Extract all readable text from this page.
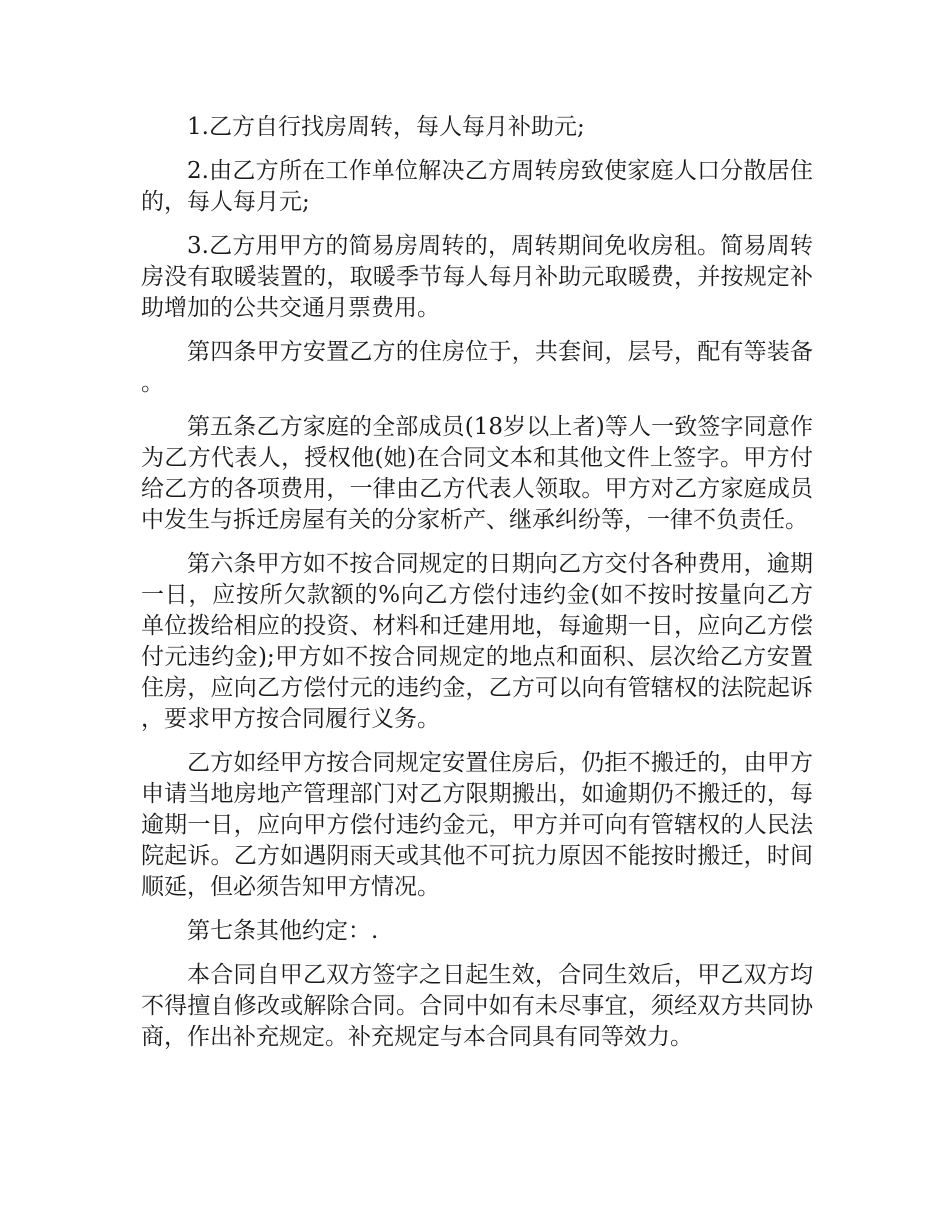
1.乙方自行找房周转，每人每月补助元;

2.由乙方所在工作单位解决乙方周转房致使家庭人口分散居住的，每人每月元;

3.乙方用甲方的简易房周转的，周转期间免收房租。简易周转房没有取暖装置的，取暖季节每人每月补助元取暖费，并按规定补助增加的公共交通月票费用。

第四条甲方安置乙方的住房位于，共套间，层号，配有等装备。

第五条乙方家庭的全部成员(18岁以上者)等人一致签字同意作为乙方代表人，授权他(她)在合同文本和其他文件上签字。甲方付给乙方的各项费用，一律由乙方代表人领取。甲方对乙方家庭成员中发生与拆迁房屋有关的分家析产、继承纠纷等，一律不负责任。

第六条甲方如不按合同规定的日期向乙方交付各种费用，逾期一日，应按所欠款额的%向乙方偿付违约金(如不按时按量向乙方单位拨给相应的投资、材料和迁建用地，每逾期一日，应向乙方偿付元违约金);甲方如不按合同规定的地点和面积、层次给乙方安置住房，应向乙方偿付元的违约金，乙方可以向有管辖权的法院起诉，要求甲方按合同履行义务。

乙方如经甲方按合同规定安置住房后，仍拒不搬迁的，由甲方申请当地房地产管理部门对乙方限期搬出，如逾期仍不搬迁的，每逾期一日，应向甲方偿付违约金元，甲方并可向有管辖权的人民法院起诉。乙方如遇阴雨天或其他不可抗力原因不能按时搬迁，时间顺延，但必须告知甲方情况。

第七条其他约定：.

本合同自甲乙双方签字之日起生效，合同生效后，甲乙双方均不得擅自修改或解除合同。合同中如有未尽事宜，须经双方共同协商，作出补充规定。补充规定与本合同具有同等效力。
